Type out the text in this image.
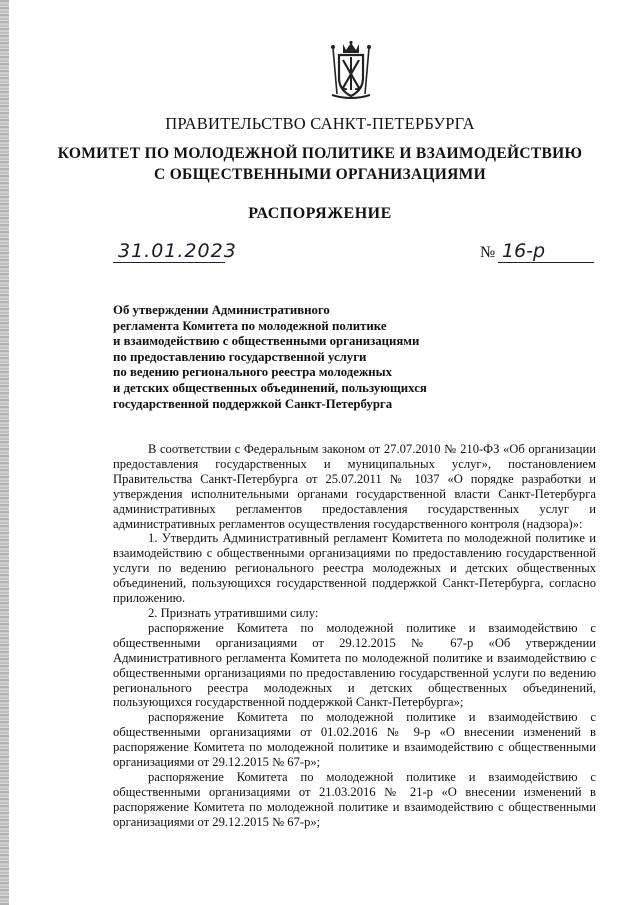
ПРАВИТЕЛЬСТВО САНКТ-ПЕТЕРБУРГА
КОМИТЕТ ПО МОЛОДЕЖНОЙ ПОЛИТИКЕ И ВЗАИМОДЕЙСТВИЮ
С ОБЩЕСТВЕННЫМИ ОРГАНИЗАЦИЯМИ
РАСПОРЯЖЕНИЕ
31.01.2023	№ 16-р
Об утверждении Административного
регламента Комитета по молодежной политике
и взаимодействию с общественными организациями
по предоставлению государственной услуги
по ведению регионального реестра молодежных
и детских общественных объединений, пользующихся
государственной поддержкой Санкт-Петербурга

В соответствии с Федеральным законом от 27.07.2010 № 210-ФЗ «Об организации предоставления государственных и муниципальных услуг», постановлением Правительства Санкт-Петербурга от 25.07.2011 № 1037 «О порядке разработки и утверждения исполнительными органами государственной власти Санкт-Петербурга административных регламентов предоставления государственных услуг и административных регламентов осуществления государственного контроля (надзора)»:

1. Утвердить Административный регламент Комитета по молодежной политике и взаимодействию с общественными организациями по предоставлению государственной услуги по ведению регионального реестра молодежных и детских общественных объединений, пользующихся государственной поддержкой Санкт-Петербурга, согласно приложению.

2. Признать утратившими силу:

распоряжение Комитета по молодежной политике и взаимодействию с общественными организациями от 29.12.2015 № 67-р «Об утверждении Административного регламента Комитета по молодежной политике и взаимодействию с общественными организациями по предоставлению государственной услуги по ведению регионального реестра молодежных и детских общественных объединений, пользующихся государственной поддержкой Санкт-Петербурга»;

распоряжение Комитета по молодежной политике и взаимодействию с общественными организациями от 01.02.2016 № 9-р «О внесении изменений в распоряжение Комитета по молодежной политике и взаимодействию с общественными организациями от 29.12.2015 № 67-р»;

распоряжение Комитета по молодежной политике и взаимодействию с общественными организациями от 21.03.2016 № 21-р «О внесении изменений в распоряжение Комитета по молодежной политике и взаимодействию с общественными организациями от 29.12.2015 № 67-р»;
